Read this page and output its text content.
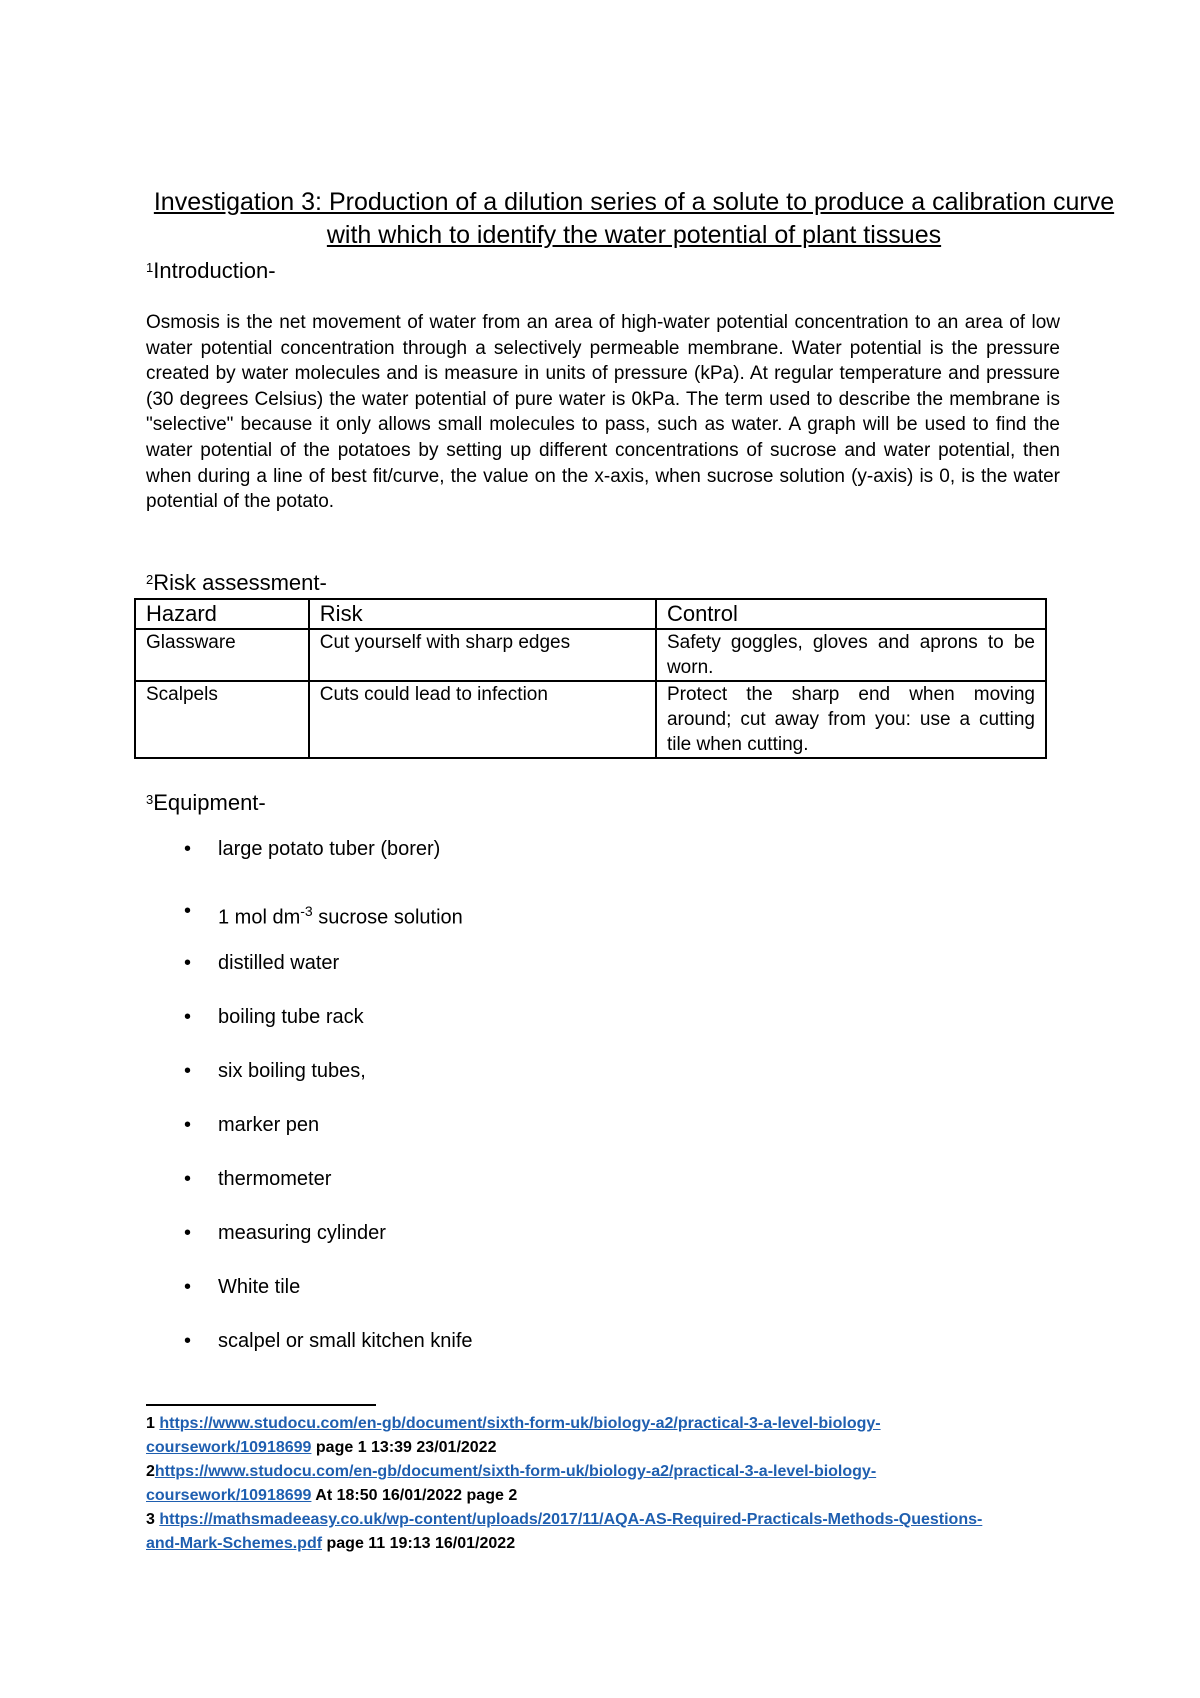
Investigation 3: Production of a dilution series of a solute to produce a calibration curve with which to identify the water potential of plant tissues

$^1$Introduction-

Osmosis is the net movement of water from an area of high-water potential concentration to an area of low water potential concentration through a selectively permeable membrane. Water potential is the pressure created by water molecules and is measure in units of pressure (kPa). At regular temperature and pressure (30 degrees Celsius) the water potential of pure water is 0kPa. The term used to describe the membrane is "selective" because it only allows small molecules to pass, such as water. A graph will be used to find the water potential of the potatoes by setting up different concentrations of sucrose and water potential, then when during a line of best fit/curve, the value on the x-axis, when sucrose solution (y-axis) is 0, is the water potential of the potato.

$^2$Risk assessment-

Hazard	Risk	Control
Glassware	Cut yourself with sharp edges	Safety goggles, gloves and aprons to be worn.
Scalpels	Cuts could lead to infection	Protect the sharp end when moving around; cut away from you: use a cutting tile when cutting.

$^3$Equipment-

• large potato tuber (borer)
• 1 mol $dm^{-3}$ sucrose solution
• distilled water
• boiling tube rack
• six boiling tubes,
• marker pen
• thermometer
• measuring cylinder
• White tile
• scalpel or small kitchen knife
1 https://www.studocu.com/en-gb/document/sixth-form-uk/biology-a2/practical-3-a-level-biology-coursework/10918699 page 1 13:39 23/01/2022
2https://www.studocu.com/en-gb/document/sixth-form-uk/biology-a2/practical-3-a-level-biology-coursework/10918699 At 18:50 16/01/2022 page 2
3 https://mathsmadeeasy.co.uk/wp-content/uploads/2017/11/AQA-AS-Required-Practicals-Methods-Questions-and-Mark-Schemes.pdf page 11 19:13 16/01/2022
